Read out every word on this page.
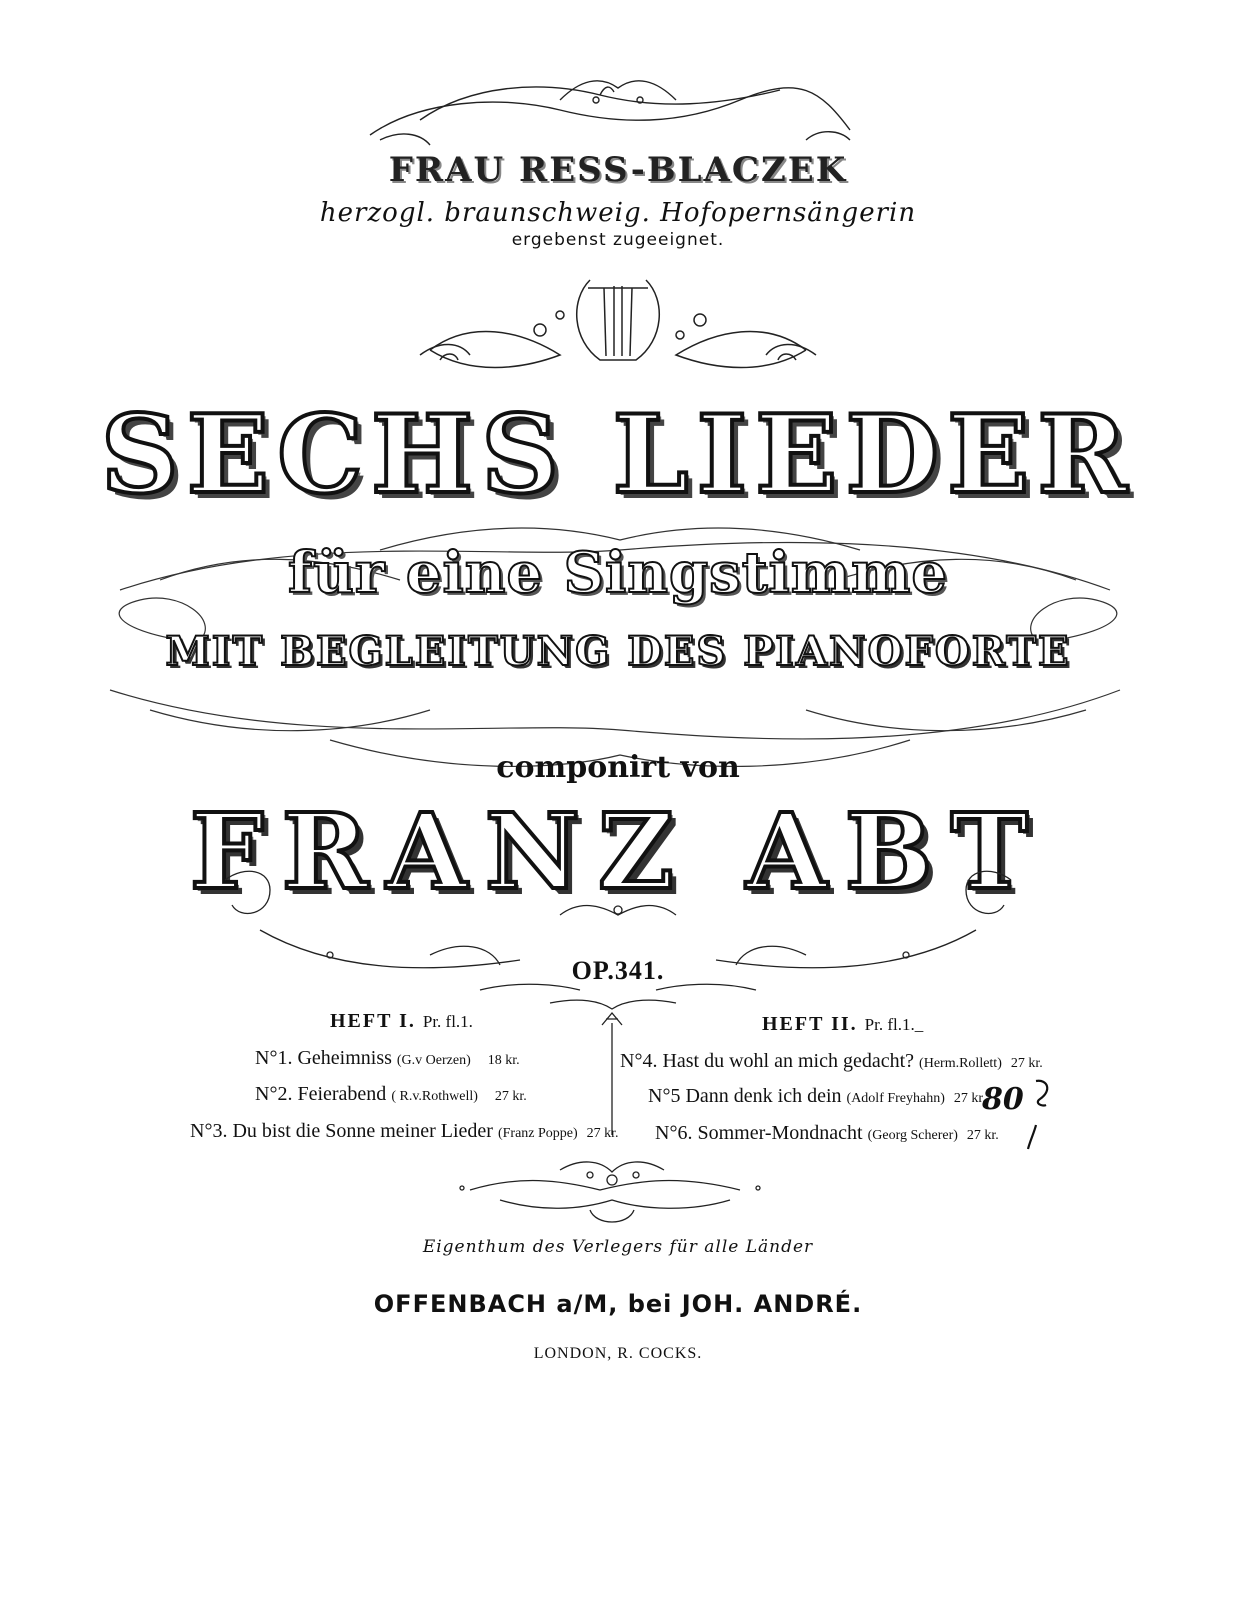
FRAU RESS-BLACZEK
herzogl. braunschweig. Hofopernsängerin
ergebenst zugeeignet.
SECHS LIEDER
für eine Singstimme
MIT BEGLEITUNG DES PIANOFORTE
componirt von
FRANZ ABT
OP.341.
HEFT I. Pr. fl.1.	HEFT II. Pr. fl.1._
N°1. Geheimniss (G.v Oerzen) 18 kr.
N°2. Feierabend ( R.v.Rothwell) 27 kr.
N°3. Du bist die Sonne meiner Lieder (Franz Poppe) 27 kr.
N°4. Hast du wohl an mich gedacht? (Herm.Rollett) 27 kr.
N°5 Dann denk ich dein (Adolf Freyhahn) 27 kr.
N°6. Sommer-Mondnacht (Georg Scherer) 27 kr.
80
Eigenthum des Verlegers für alle Länder
OFFENBACH a/M, bei JOH. ANDRÉ.
LONDON, R. COCKS.
